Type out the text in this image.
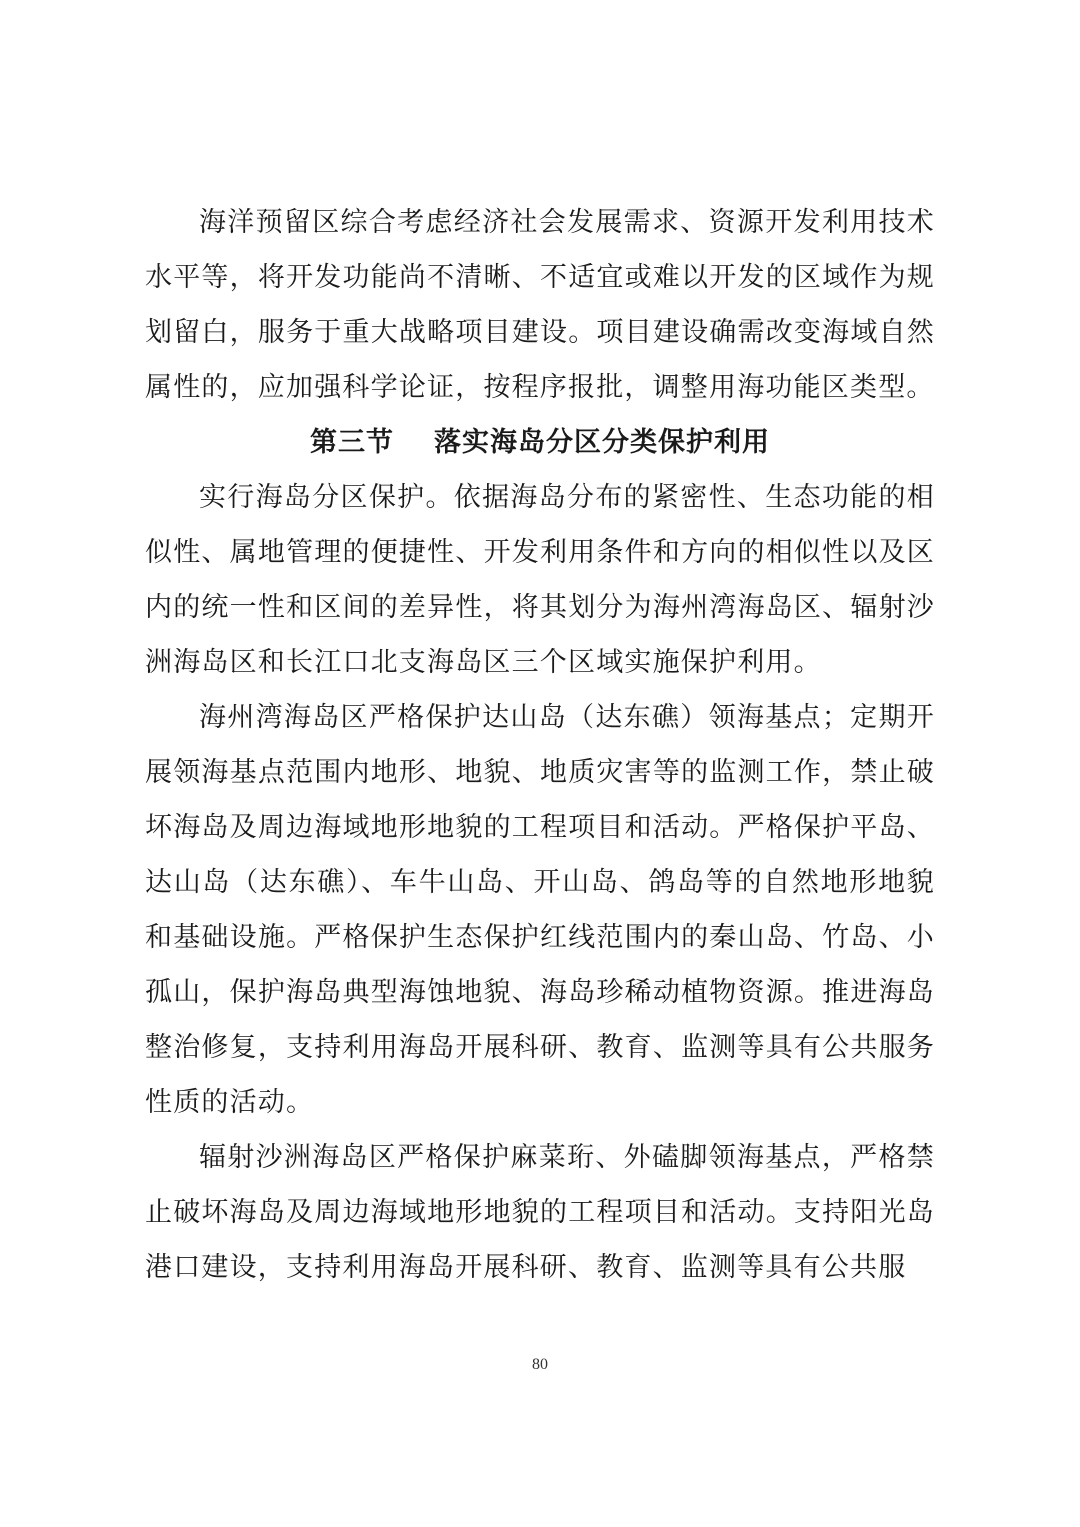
海洋预留区综合考虑经济社会发展需求、资源开发利用技术水平等，将开发功能尚不清晰、不适宜或难以开发的区域作为规划留白，服务于重大战略项目建设。项目建设确需改变海域自然属性的，应加强科学论证，按程序报批，调整用海功能区类型。

第三节 落实海岛分区分类保护利用

实行海岛分区保护。依据海岛分布的紧密性、生态功能的相似性、属地管理的便捷性、开发利用条件和方向的相似性以及区内的统一性和区间的差异性，将其划分为海州湾海岛区、辐射沙洲海岛区和长江口北支海岛区三个区域实施保护利用。

海州湾海岛区严格保护达山岛（达东礁）领海基点；定期开展领海基点范围内地形、地貌、地质灾害等的监测工作，禁止破坏海岛及周边海域地形地貌的工程项目和活动。严格保护平岛、达山岛（达东礁）、车牛山岛、开山岛、鸽岛等的自然地形地貌和基础设施。严格保护生态保护红线范围内的秦山岛、竹岛、小孤山，保护海岛典型海蚀地貌、海岛珍稀动植物资源。推进海岛整治修复，支持利用海岛开展科研、教育、监测等具有公共服务性质的活动。

辐射沙洲海岛区严格保护麻菜珩、外磕脚领海基点，严格禁止破坏海岛及周边海域地形地貌的工程项目和活动。支持阳光岛港口建设，支持利用海岛开展科研、教育、监测等具有公共服

80
